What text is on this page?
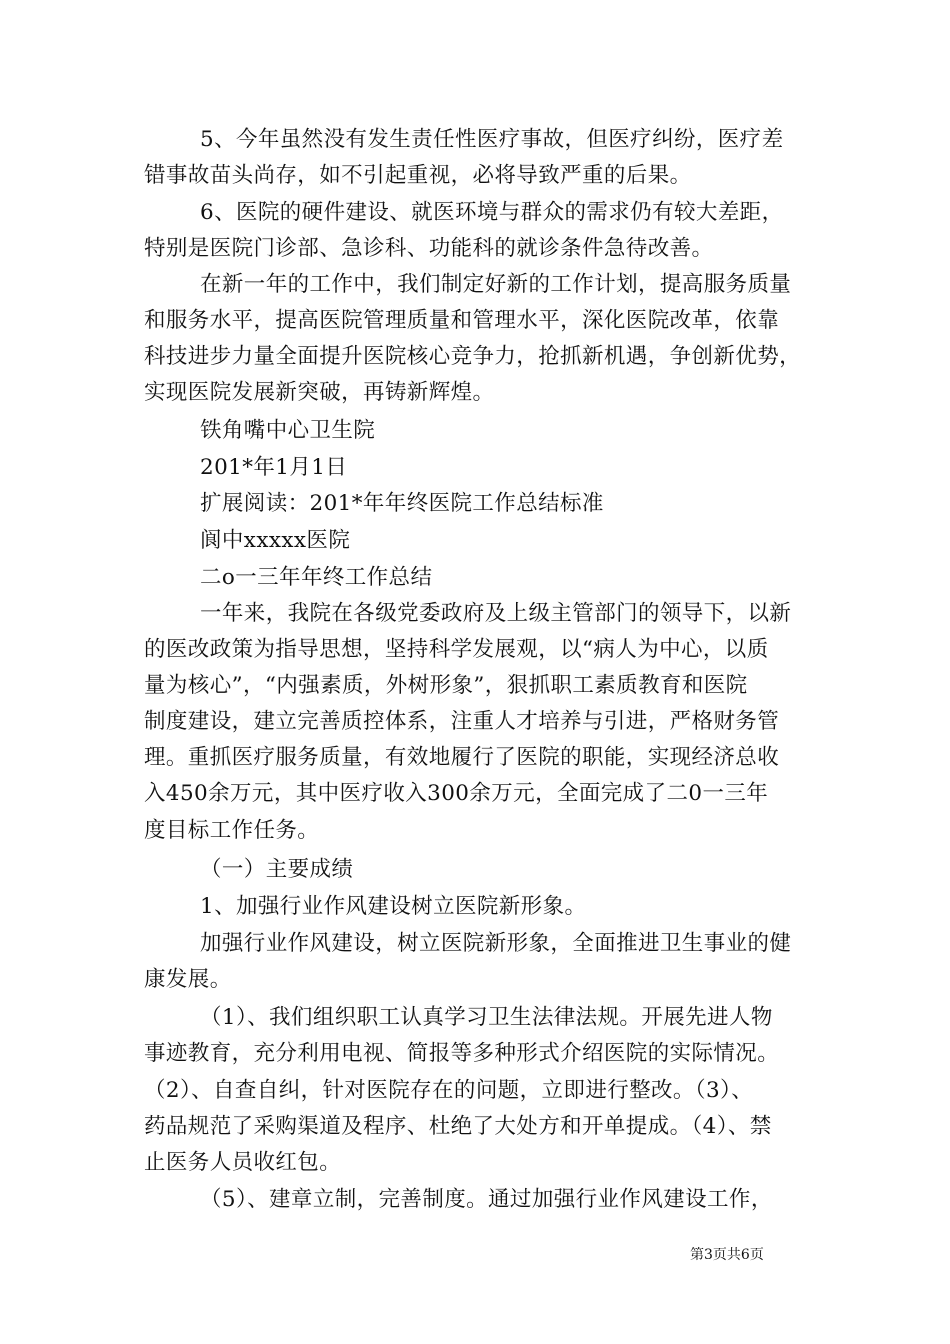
5、今年虽然没有发生责任性医疗事故，但医疗纠纷，医疗差
错事故苗头尚存，如不引起重视，必将导致严重的后果。
6、医院的硬件建设、就医环境与群众的需求仍有较大差距，
特别是医院门诊部、急诊科、功能科的就诊条件急待改善。
在新一年的工作中，我们制定好新的工作计划，提高服务质量
和服务水平，提高医院管理质量和管理水平，深化医院改革，依靠
科技进步力量全面提升医院核心竞争力，抢抓新机遇，争创新优势，
实现医院发展新突破，再铸新辉煌。
铁角嘴中心卫生院
201*年1月1日
扩展阅读：201*年年终医院工作总结标准
阆中xxxxx医院
二o一三年年终工作总结
一年来，我院在各级党委政府及上级主管部门的领导下，以新
的医改政策为指导思想，坚持科学发展观，以“病人为中心，以质
量为核心”，“内强素质，外树形象”，狠抓职工素质教育和医院
制度建设，建立完善质控体系，注重人才培养与引进，严格财务管
理。重抓医疗服务质量，有效地履行了医院的职能，实现经济总收
入450余万元，其中医疗收入300余万元，全面完成了二0一三年
度目标工作任务。
（一）主要成绩
1、加强行业作风建设树立医院新形象。
加强行业作风建设，树立医院新形象，全面推进卫生事业的健
康发展。
（1）、我们组织职工认真学习卫生法律法规。开展先进人物
事迹教育，充分利用电视、简报等多种形式介绍医院的实际情况。
（2）、自查自纠，针对医院存在的问题，立即进行整改。（3）、
药品规范了采购渠道及程序、杜绝了大处方和开单提成。（4）、禁
止医务人员收红包。
（5）、建章立制，完善制度。通过加强行业作风建设工作，
第3页共6页
